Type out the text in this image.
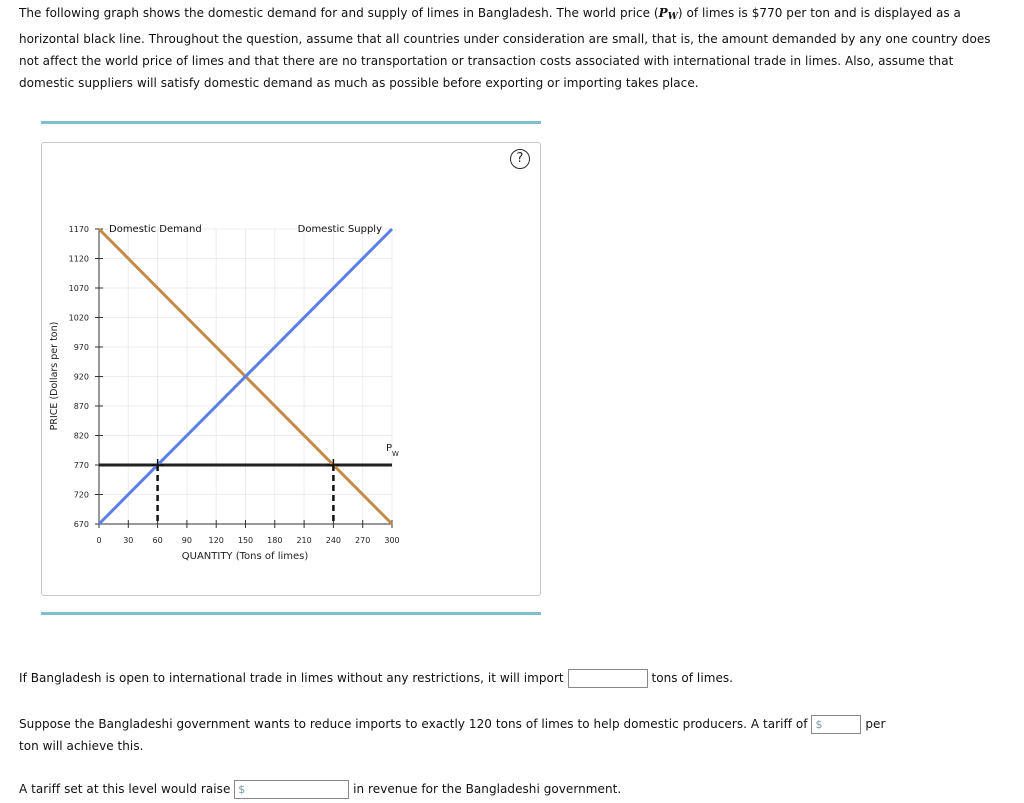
The following graph shows the domestic demand for and supply of limes in Bangladesh. The world price $(P_W)$ of limes is $770 per ton and is displayed as a horizontal black line. Throughout the question, assume that all countries under consideration are small, that is, the amount demanded by any one country does not affect the world price of limes and that there are no transportation or transaction costs associated with international trade in limes. Also, assume that domestic suppliers will satisfy domestic demand as much as possible before exporting or importing takes place.
?
670
720
770
820
870
920
970
1020
1070
1120
1170
0	30 60 90 120 150 180 210 240 270 300
QUANTITY (Tons of limes)
PRICE (Dollars per ton)
$P_W$
Domestic Demand	Domestic Supply
If Bangladesh is open to international trade in limes without any restrictions, it will import	tons of limes.
Suppose the Bangladeshi government wants to reduce imports to exactly 120 tons of limes to help domestic producers. A tariff of $	per ton will achieve this.
A tariff set at this level would raise $	in revenue for the Bangladeshi government.
